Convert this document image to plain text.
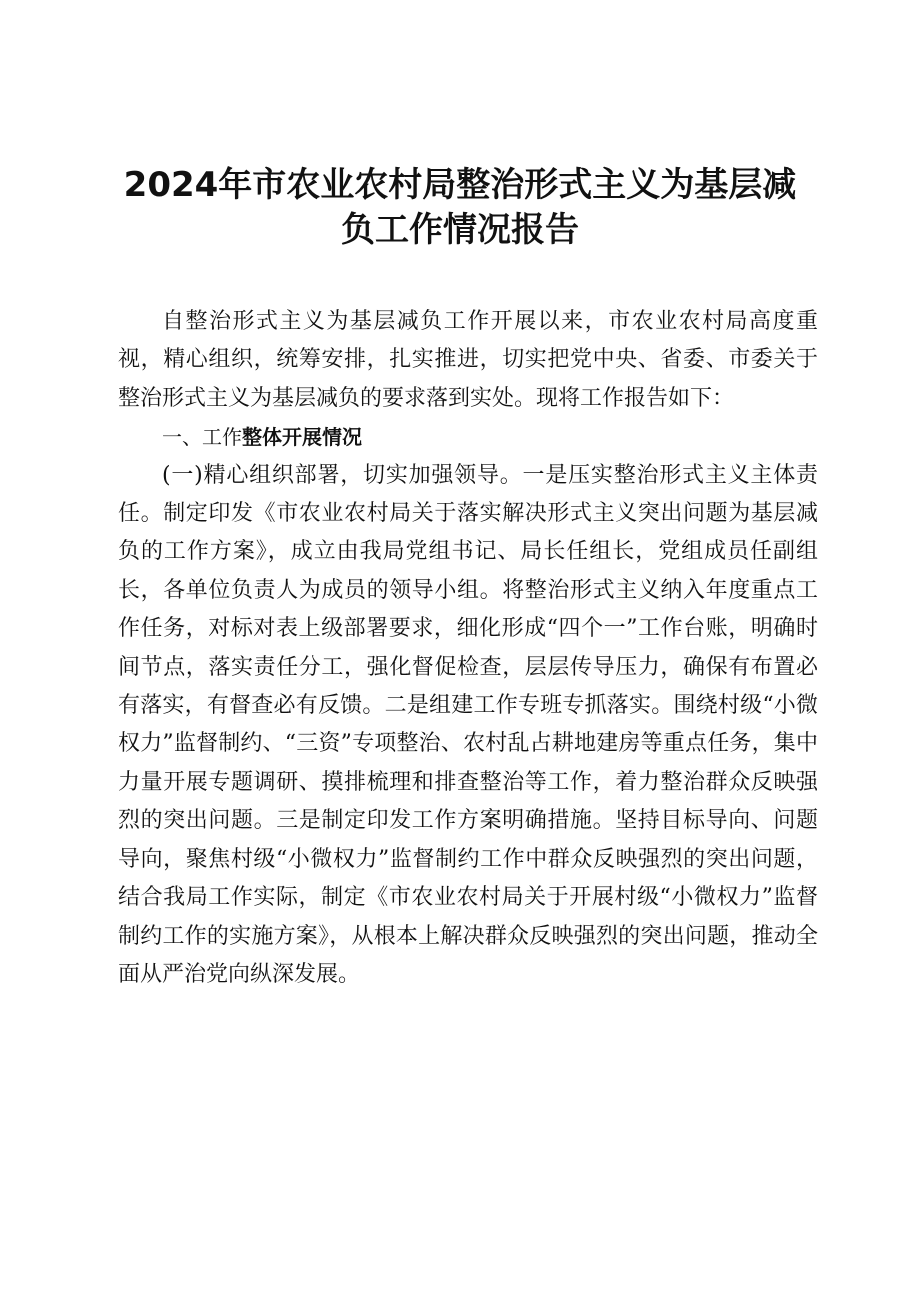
2024年市农业农村局整治形式主义为基层减
负工作情况报告

自整治形式主义为基层减负工作开展以来，市农业农村局高度重视，精心组织，统筹安排，扎实推进，切实把党中央、省委、市委关于整治形式主义为基层减负的要求落到实处。现将工作报告如下：

一、工作整体开展情况

(一)精心组织部署，切实加强领导。一是压实整治形式主义主体责任。制定印发《市农业农村局关于落实解决形式主义突出问题为基层减负的工作方案》，成立由我局党组书记、局长任组长，党组成员任副组长，各单位负责人为成员的领导小组。将整治形式主义纳入年度重点工作任务，对标对表上级部署要求，细化形成“四个一”工作台账，明确时间节点，落实责任分工，强化督促检查，层层传导压力，确保有布置必有落实，有督查必有反馈。二是组建工作专班专抓落实。围绕村级“小微权力”监督制约、“三资”专项整治、农村乱占耕地建房等重点任务，集中力量开展专题调研、摸排梳理和排查整治等工作，着力整治群众反映强烈的突出问题。三是制定印发工作方案明确措施。坚持目标导向、问题导向，聚焦村级“小微权力”监督制约工作中群众反映强烈的突出问题，结合我局工作实际，制定《市农业农村局关于开展村级“小微权力”监督制约工作的实施方案》，从根本上解决群众反映强烈的突出问题，推动全面从严治党向纵深发展。
